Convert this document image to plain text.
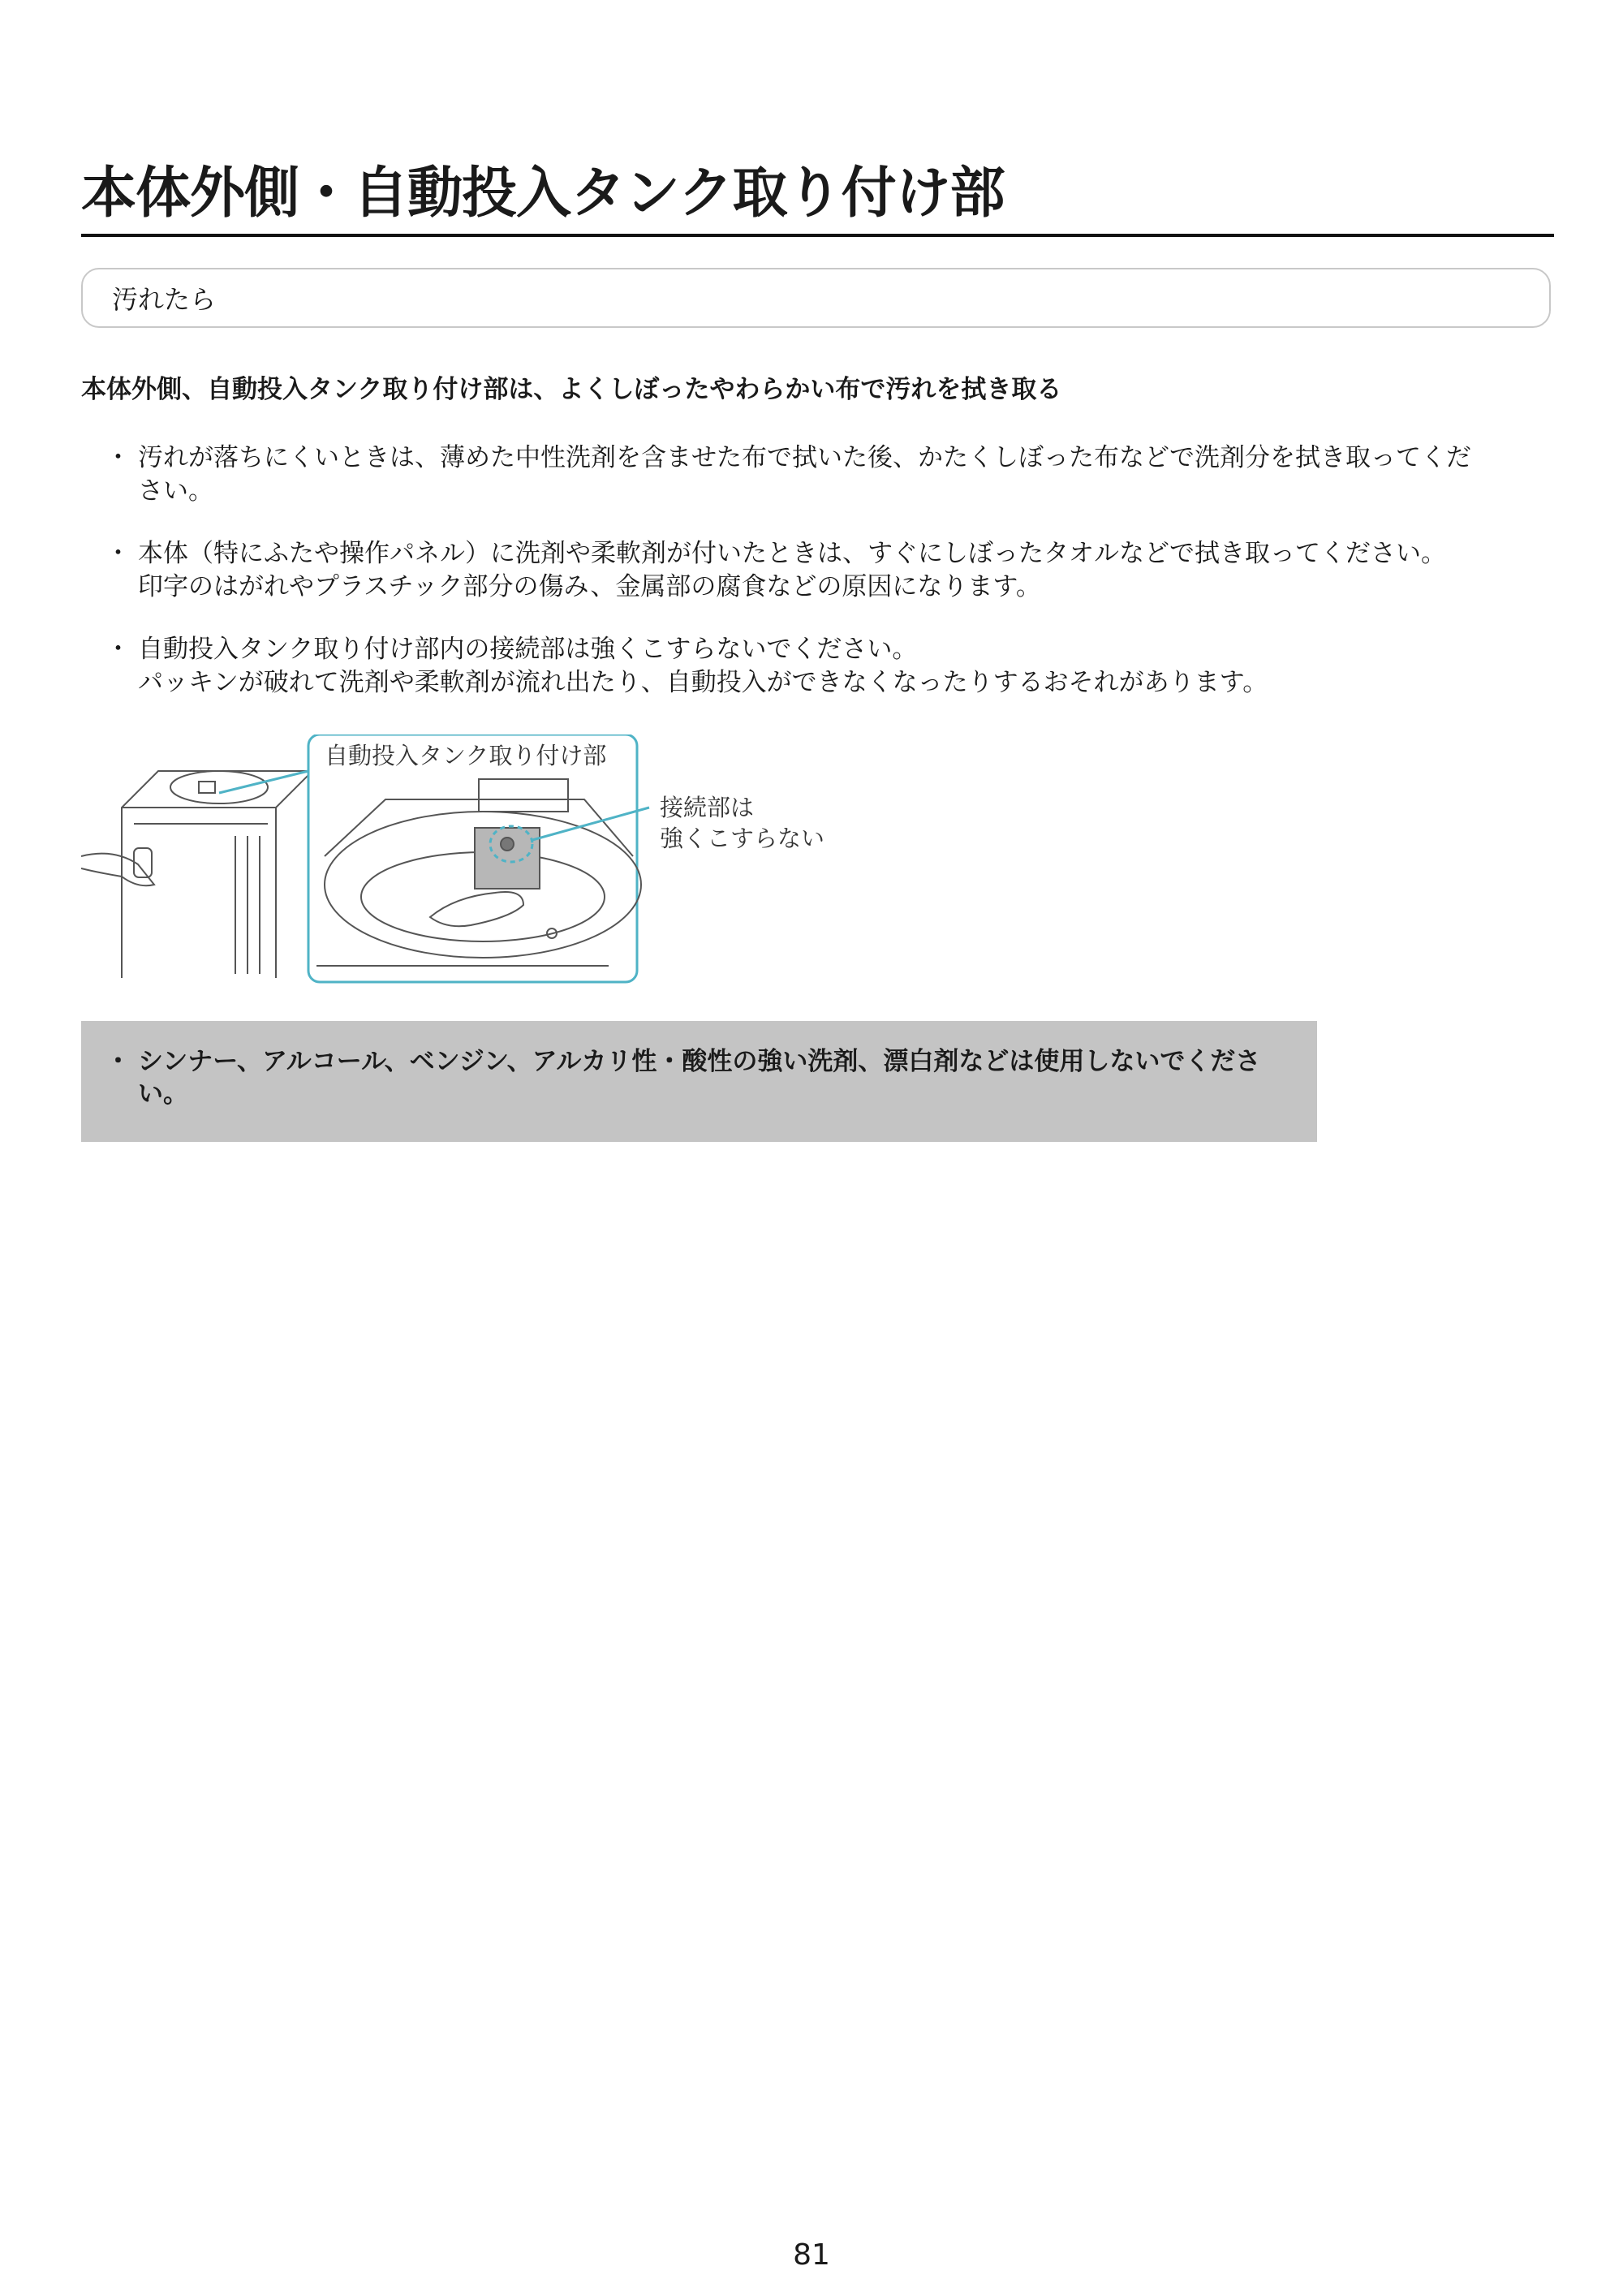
本体外側・自動投入タンク取り付け部
汚れたら
本体外側、自動投入タンク取り付け部は、よくしぼったやわらかい布で汚れを拭き取る
・ 汚れが落ちにくいときは、薄めた中性洗剤を含ませた布で拭いた後、かたくしぼった布などで洗剤分を拭き取ってくだ
さい。
・ 本体（特にふたや操作パネル）に洗剤や柔軟剤が付いたときは、すぐにしぼったタオルなどで拭き取ってください。
印字のはがれやプラスチック部分の傷み、金属部の腐食などの原因になります。
・ 自動投入タンク取り付け部内の接続部は強くこすらないでください。
パッキンが破れて洗剤や柔軟剤が流れ出たり、自動投入ができなくなったりするおそれがあります。
自動投入タンク取り付け部
接続部は
強くこすらない
・ シンナー、アルコール、ベンジン、アルカリ性・酸性の強い洗剤、漂白剤などは使用しないでくださ
い。
81
